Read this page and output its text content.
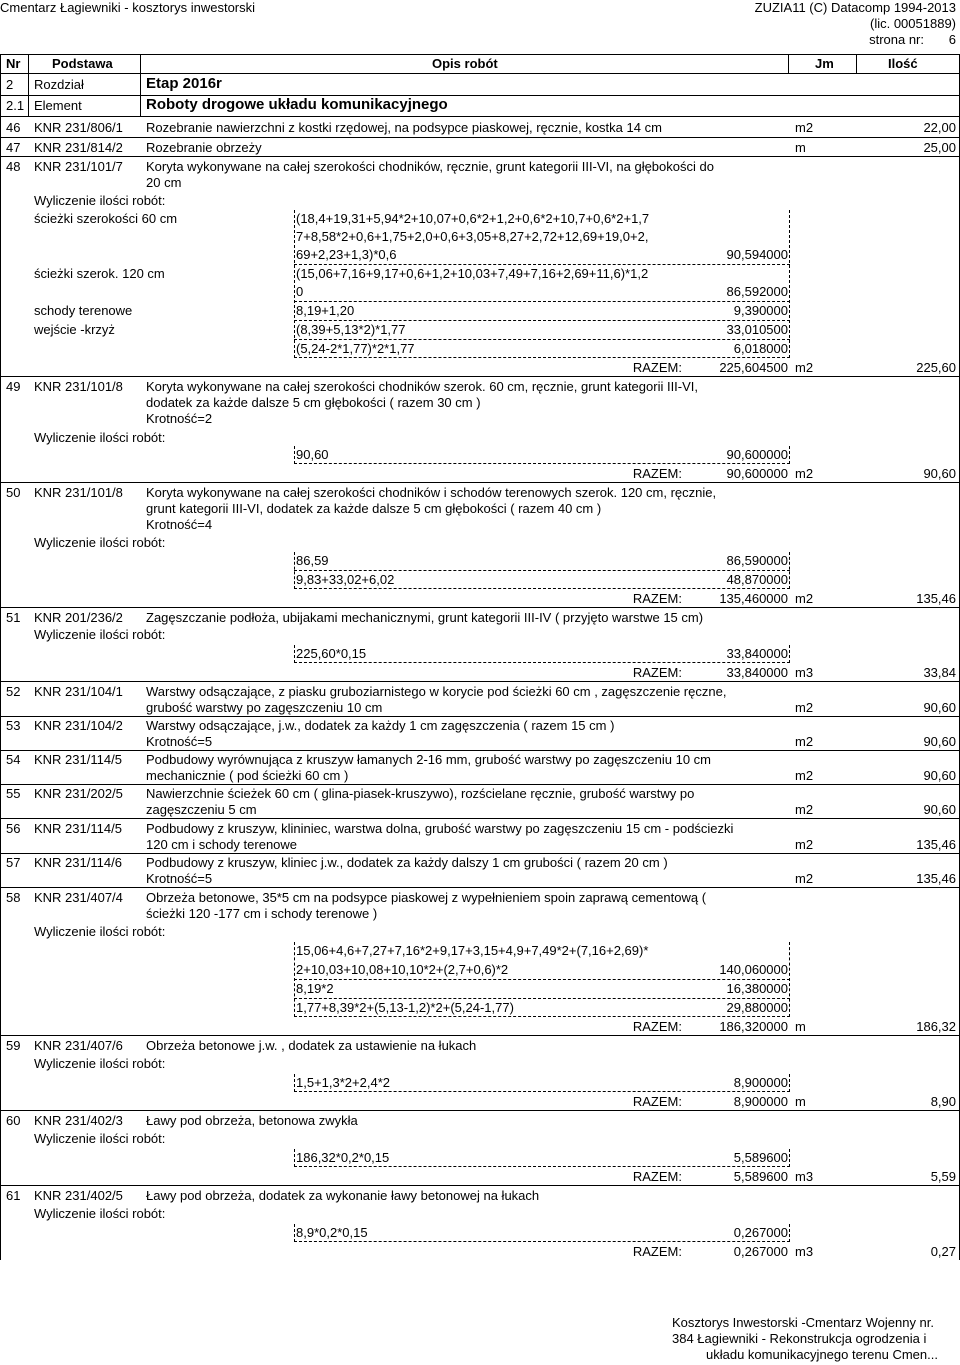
Cmentarz Łagiewniki - kosztorys inwestorski	ZUZIA11 (C) Datacomp 1994-2013
(lic. 00051889)
strona nr: 6
Nr Podstawa	Opis robót	Jm	Ilość
2 Rozdział	Etap 2016r
2.1 Element	Roboty drogowe układu komunikacyjnego
46 KNR 231/806/1 Rozebranie nawierzchni z kostki rzędowej, na podsypce piaskowej, ręcznie, kostka 14 cm	m2	22,00
47 KNR 231/814/2 Rozebranie obrzeży	m	25,00
48 KNR 231/101/7 Koryta wykonywane na całej szerokości chodników, ręcznie, grunt kategorii III-VI, na głębokości do
20 cm
Wyliczenie ilości robót:
ścieżki szerokości 60 cm	(18,4+19,31+5,94*2+10,07+0,6*2+1,2+0,6*2+10,7+0,6*2+1,7
7+8,58*2+0,6+1,75+2,0+0,6+3,05+8,27+2,72+12,69+19,0+2,
69+2,23+1,3)*0,6	90,594000
ścieżki szerok. 120 cm	(15,06+7,16+9,17+0,6+1,2+10,03+7,49+7,16+2,69+11,6)*1,2
0	86,592000
schody terenowe	8,19+1,20	9,390000
wejście -krzyż	(8,39+5,13*2)*1,77	33,010500
(5,24-2*1,77)*2*1,77	6,018000
RAZEM:	225,604500 m2	225,60
49 KNR 231/101/8 Koryta wykonywane na całej szerokości chodników szerok. 60 cm, ręcznie, grunt kategorii III-VI,
dodatek za każde dalsze 5 cm głębokości ( razem 30 cm )
Krotność=2
Wyliczenie ilości robót:
90,60	90,600000
RAZEM:	90,600000 m2	90,60
50 KNR 231/101/8 Koryta wykonywane na całej szerokości chodników i schodów terenowych szerok. 120 cm, ręcznie,
grunt kategorii III-VI, dodatek za każde dalsze 5 cm głębokości ( razem 40 cm )
Krotność=4
Wyliczenie ilości robót:
86,59	86,590000
9,83+33,02+6,02	48,870000
RAZEM:	135,460000 m2	135,46
51 KNR 201/236/2 Zagęszczanie podłoża, ubijakami mechanicznymi, grunt kategorii III-IV ( przyjęto warstwe 15 cm)
Wyliczenie ilości robót:
225,60*0,15	33,840000
RAZEM:	33,840000 m3	33,84
52 KNR 231/104/1 Warstwy odsączające, z piasku gruboziarnistego w korycie pod ścieżki 60 cm , zagęszczenie ręczne,
grubość warstwy po zagęszczeniu 10 cm	m2	90,60
53 KNR 231/104/2 Warstwy odsączające, j.w., dodatek za każdy 1 cm zagęszczenia ( razem 15 cm )
Krotność=5	m2	90,60
54 KNR 231/114/5 Podbudowy wyrównująca z kruszyw łamanych 2-16 mm, grubość warstwy po zagęszczeniu 10 cm
mechanicznie ( pod ścieżki 60 cm )	m2	90,60
55 KNR 231/202/5 Nawierzchnie ścieżek 60 cm ( glina-piasek-kruszywo), rozścielane ręcznie, grubość warstwy po
zagęszczeniu 5 cm	m2	90,60
56 KNR 231/114/5 Podbudowy z kruszyw, klininiec, warstwa dolna, grubość warstwy po zagęszczeniu 15 cm - podściezki
120 cm i schody terenowe	m2	135,46
57 KNR 231/114/6 Podbudowy z kruszyw, kliniec j.w., dodatek za każdy dalszy 1 cm grubości ( razem 20 cm )
Krotność=5	m2	135,46
58 KNR 231/407/4 Obrzeża betonowe, 35*5 cm na podsypce piaskowej z wypełnieniem spoin zaprawą cementową (
ścieżki 120 -177 cm i schody terenowe )
Wyliczenie ilości robót:
15,06+4,6+7,27+7,16*2+9,17+3,15+4,9+7,49*2+(7,16+2,69)*
2+10,03+10,08+10,10*2+(2,7+0,6)*2	140,060000
8,19*2	16,380000
1,77+8,39*2+(5,13-1,2)*2+(5,24-1,77)	29,880000
RAZEM:	186,320000 m	186,32
59 KNR 231/407/6 Obrzeża betonowe j.w. , dodatek za ustawienie na łukach
Wyliczenie ilości robót:
1,5+1,3*2+2,4*2	8,900000
RAZEM:	8,900000 m	8,90
60 KNR 231/402/3 Ławy pod obrzeża, betonowa zwykła
Wyliczenie ilości robót:
186,32*0,2*0,15	5,589600
RAZEM:	5,589600 m3	5,59
61 KNR 231/402/5 Ławy pod obrzeża, dodatek za wykonanie ławy betonowej na łukach
Wyliczenie ilości robót:
8,9*0,2*0,15	0,267000
RAZEM:	0,267000 m3	0,27
Kosztorys Inwestorski -Cmentarz Wojenny nr.
384 Łagiewniki - Rekonstrukcja ogrodzenia i
układu komunikacyjnego terenu Cmen...
